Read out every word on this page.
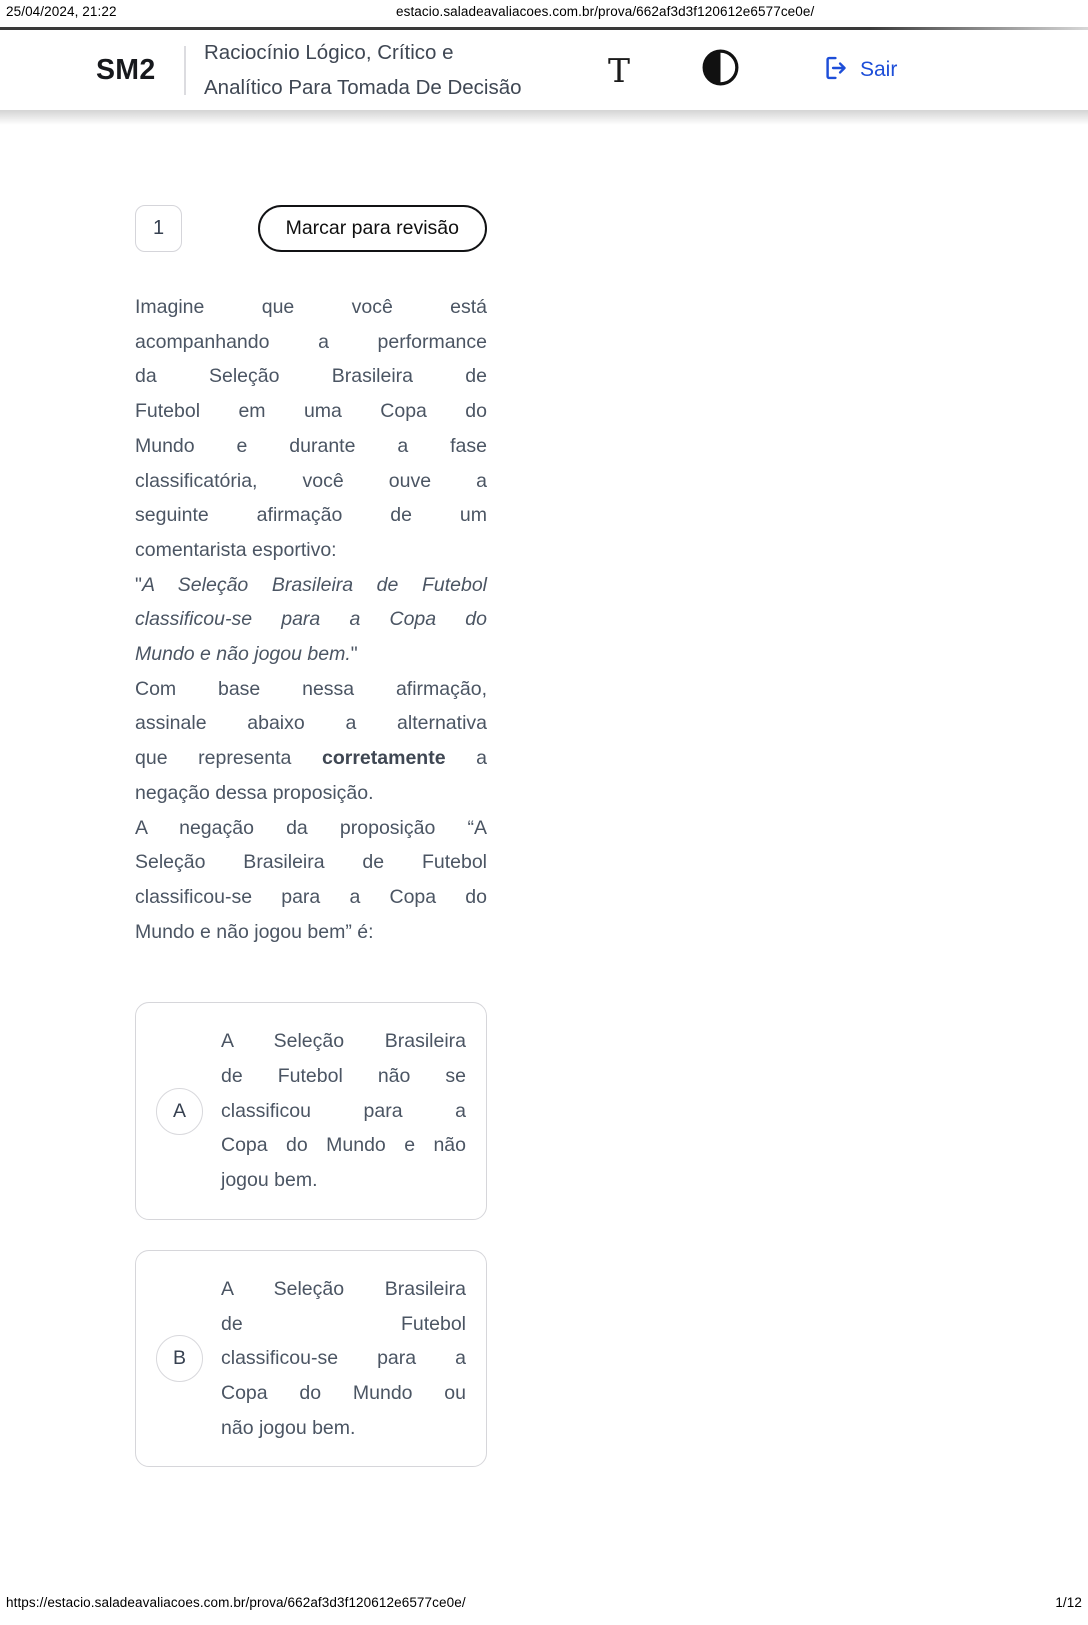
25/04/2024, 21:22	estacio.saladeavaliacoes.com.br/prova/662af3d3f120612e6577ce0e/
SM2
Raciocínio Lógico, Crítico e
Analítico Para Tomada De Decisão	T	Sair
1	Marcar para revisão
Imagine que você está
acompanhando a performance
da Seleção Brasileira de
Futebol em uma Copa do
Mundo e durante a fase
classificatória, você ouve a
seguinte afirmação de um
comentarista esportivo:
"A Seleção Brasileira de Futebol
classificou-se para a Copa do
Mundo e não jogou bem."
Com base nessa afirmação,
assinale abaixo a alternativa
que representa corretamente a
negação dessa proposição.
A negação da proposição “A
Seleção Brasileira de Futebol
classificou-se para a Copa do
Mundo e não jogou bem” é:
A
A Seleção Brasileira
de Futebol não se
classificou para a
Copa do Mundo e não
jogou bem.
B
A Seleção Brasileira
de Futebol
classificou-se para a
Copa do Mundo ou
não jogou bem.
https://estacio.saladeavaliacoes.com.br/prova/662af3d3f120612e6577ce0e/	1/12
